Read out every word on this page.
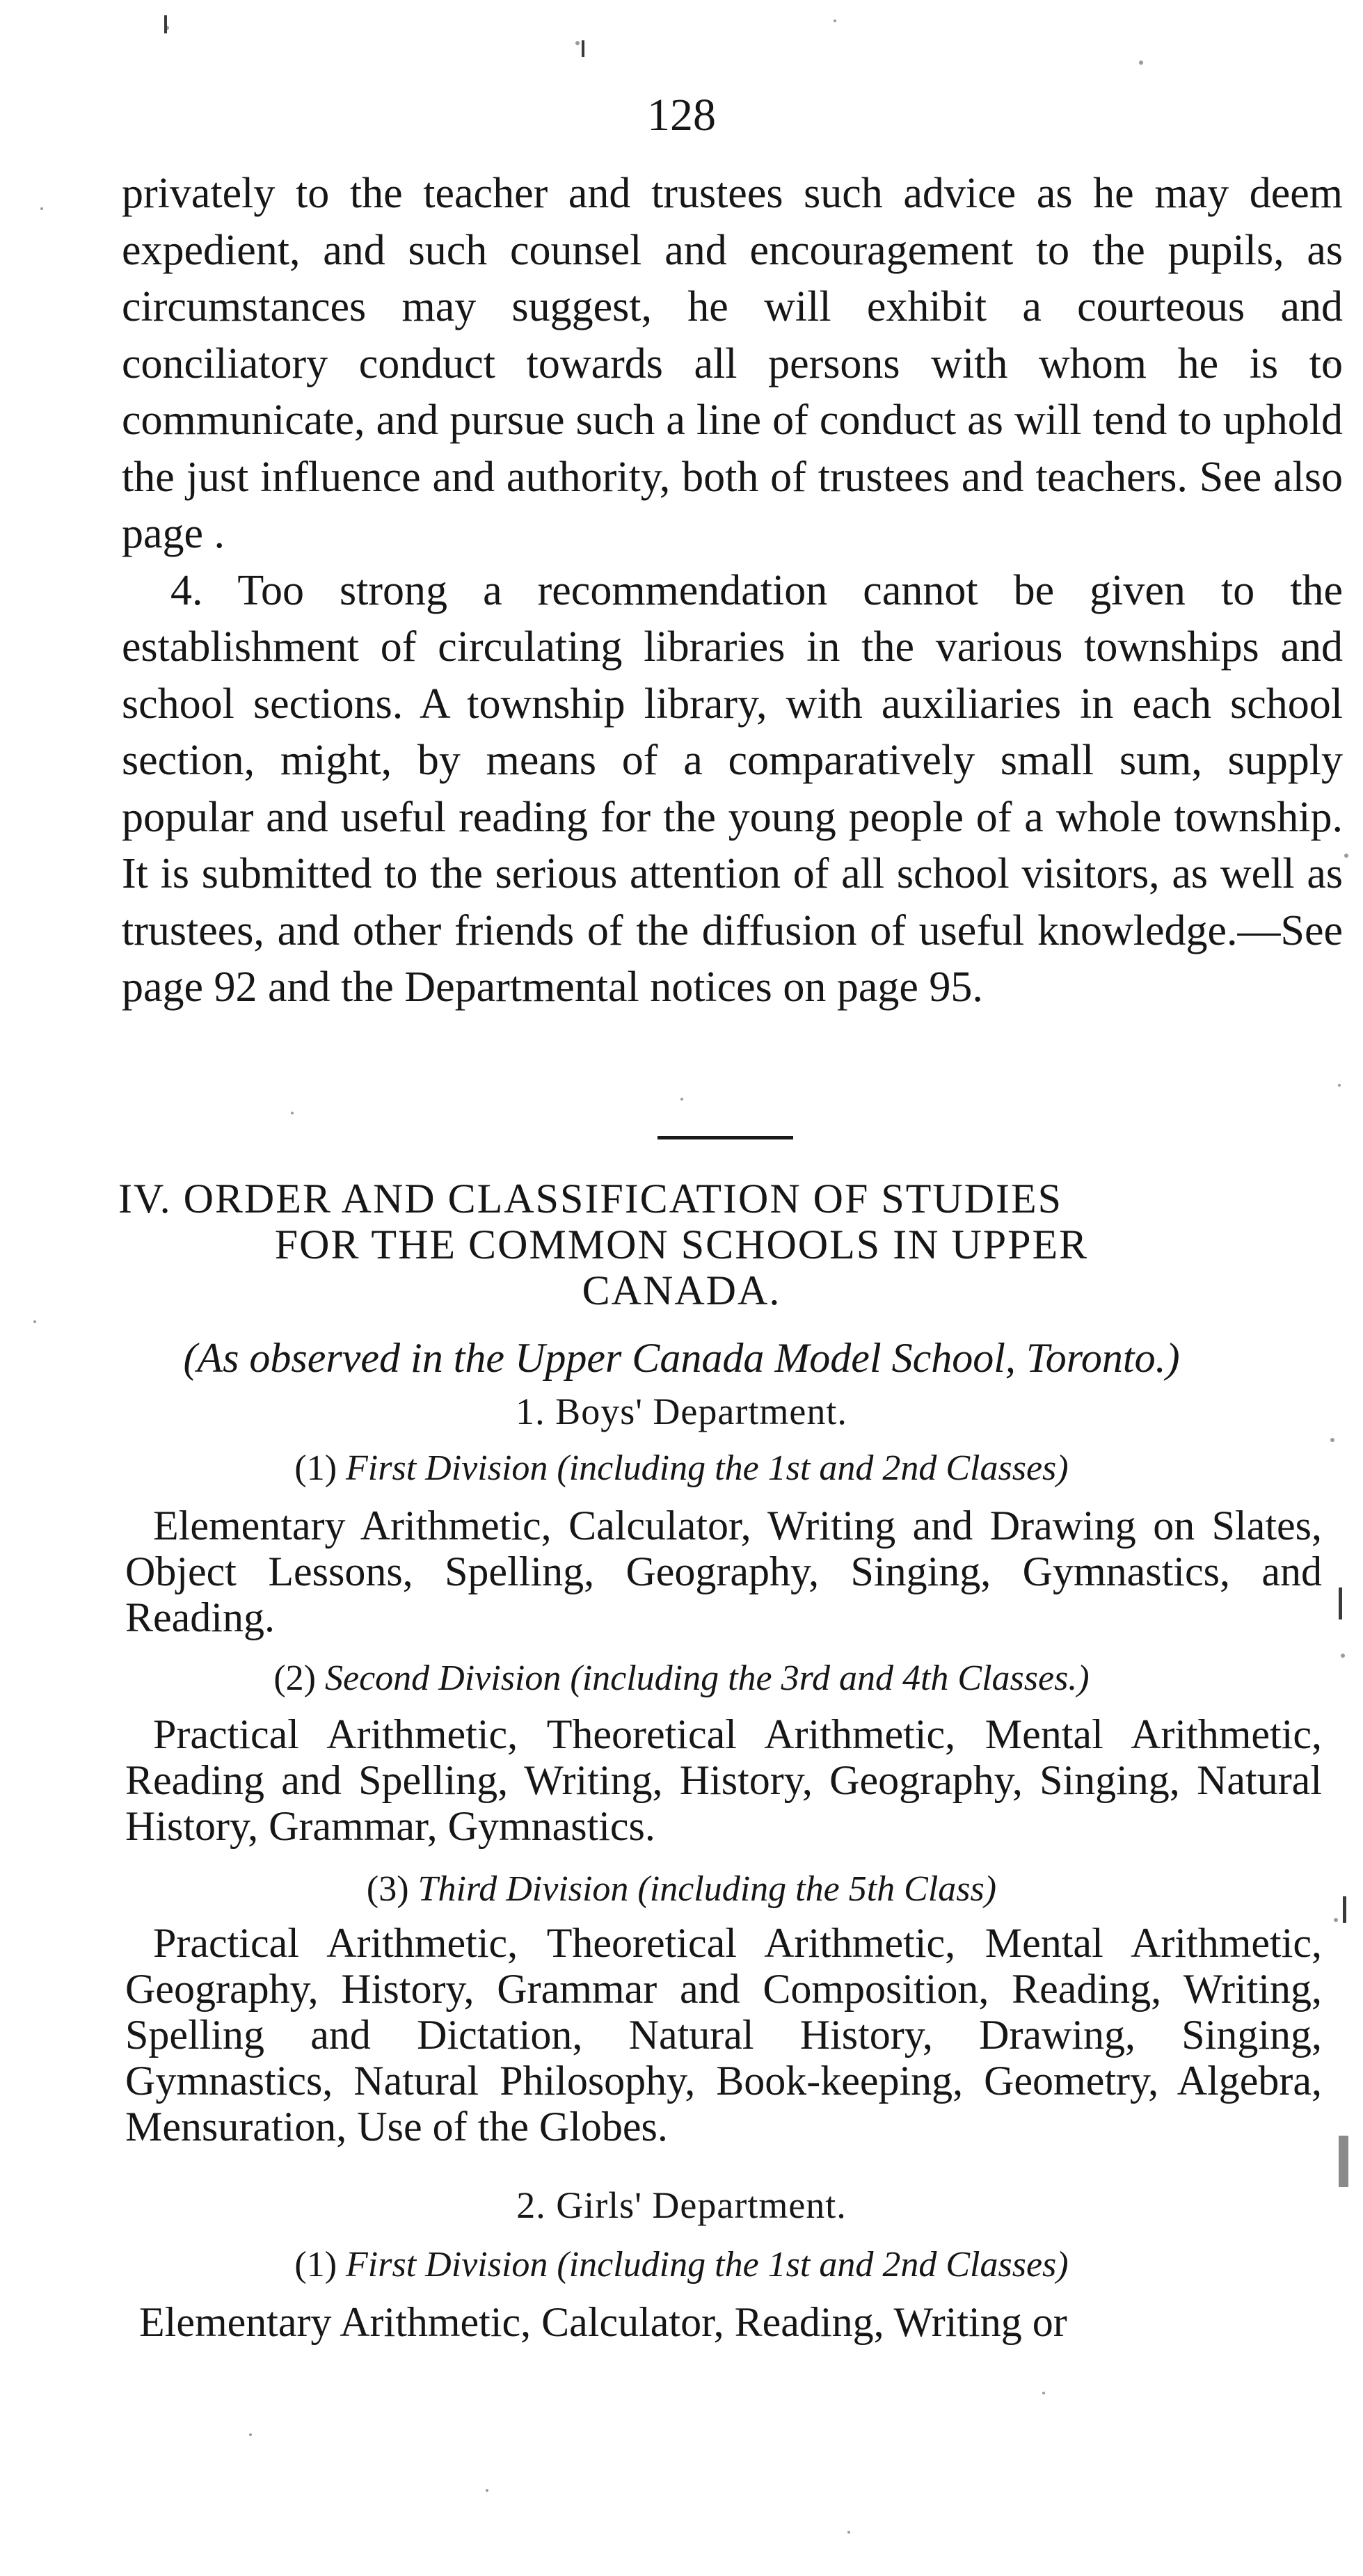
128

privately to the teacher and trustees such advice as he may deem expedient, and such counsel and encouragement to the pupils, as circumstances may suggest, he will exhibit a courteous and conciliatory conduct towards all persons with whom he is to communicate, and pursue such a line of conduct as will tend to uphold the just influence and authority, both of trustees and teachers. See also page .

4. Too strong a recommendation cannot be given to the establishment of circulating libraries in the various townships and school sections. A township library, with auxiliaries in each school section, might, by means of a comparatively small sum, supply popular and useful reading for the young people of a whole township. It is submitted to the serious attention of all school visitors, as well as trustees, and other friends of the diffusion of useful knowledge.—See page 92 and the Departmental notices on page 95.

IV. ORDER AND CLASSIFICATION OF STUDIES
FOR THE COMMON SCHOOLS IN UPPER
CANADA.
(As observed in the Upper Canada Model School, Toronto.)
1. Boys' Department.
(1) First Division (including the 1st and 2nd Classes)
Elementary Arithmetic, Calculator, Writing and Drawing on Slates, Object Lessons, Spelling, Geography, Singing, Gymnastics, and Reading.
(2) Second Division (including the 3rd and 4th Classes.)
Practical Arithmetic, Theoretical Arithmetic, Mental Arithmetic, Reading and Spelling, Writing, History, Geography, Singing, Natural History, Grammar, Gymnastics.
(3) Third Division (including the 5th Class)
Practical Arithmetic, Theoretical Arithmetic, Mental Arithmetic, Geography, History, Grammar and Composition, Reading, Writing, Spelling and Dictation, Natural History, Drawing, Singing, Gymnastics, Natural Philosophy, Book-keeping, Geometry, Algebra, Mensuration, Use of the Globes.
2. Girls' Department.
(1) First Division (including the 1st and 2nd Classes)
Elementary Arithmetic, Calculator, Reading, Writing or
